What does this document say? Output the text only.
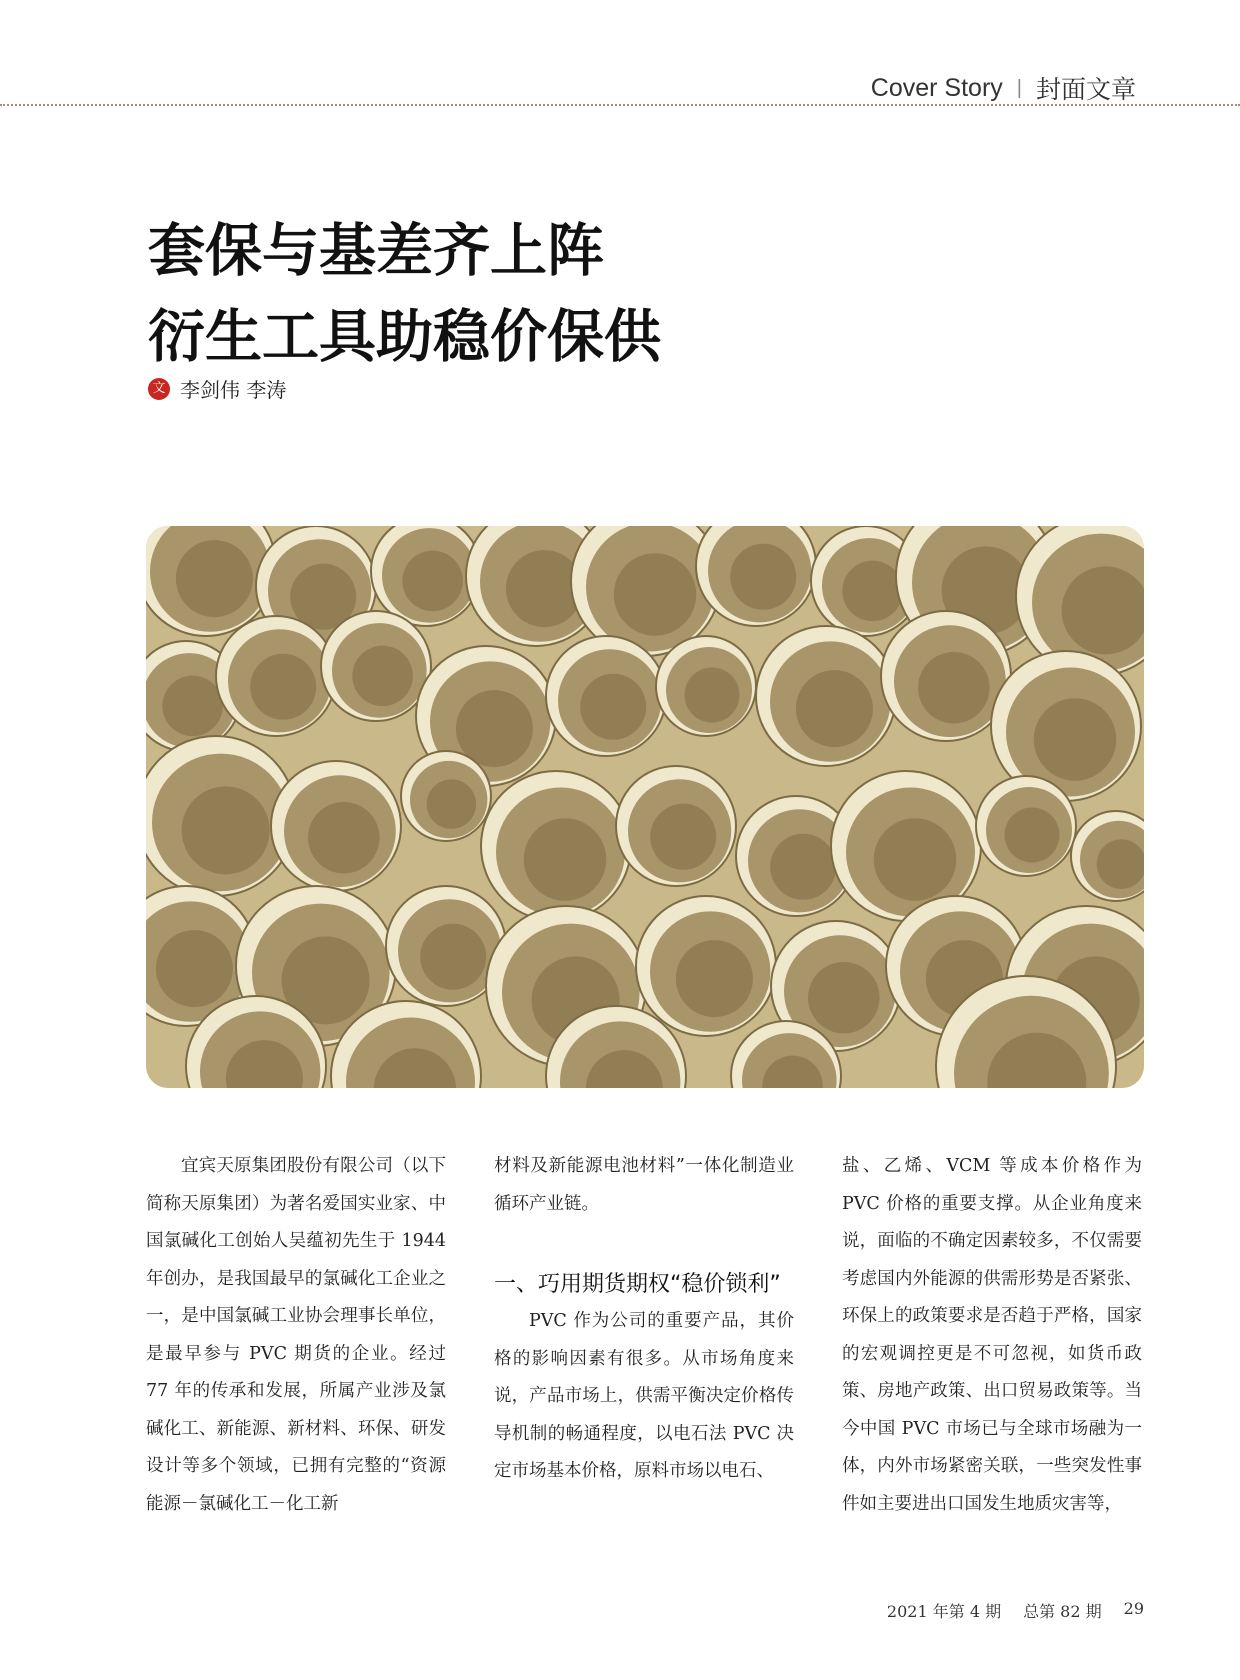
Cover Story | 封面文章
套保与基差齐上阵
衍生工具助稳价保供
文 李剑伟 李涛

宜宾天原集团股份有限公司（以下简称天原集团）为著名爱国实业家、中国氯碱化工创始人吴蕴初先生于 1944 年创办，是我国最早的氯碱化工企业之一，是中国氯碱工业协会理事长单位，是最早参与 PVC 期货的企业。经过 77 年的传承和发展，所属产业涉及氯碱化工、新能源、新材料、环保、研发设计等多个领域，已拥有完整的“资源能源－氯碱化工－化工新

材料及新能源电池材料”一体化制造业循环产业链。

一、巧用期货期权“稳价锁利”

PVC 作为公司的重要产品，其价格的影响因素有很多。从市场角度来说，产品市场上，供需平衡决定价格传导机制的畅通程度，以电石法 PVC 决定市场基本价格，原料市场以电石、

盐、乙烯、VCM 等成本价格作为 PVC 价格的重要支撑。从企业角度来说，面临的不确定因素较多，不仅需要考虑国内外能源的供需形势是否紧张、环保上的政策要求是否趋于严格，国家的宏观调控更是不可忽视，如货币政策、房地产政策、出口贸易政策等。当今中国 PVC 市场已与全球市场融为一体，内外市场紧密关联，一些突发性事件如主要进出口国发生地质灾害等，

2021 年第 4 期 总第 82 期 29
